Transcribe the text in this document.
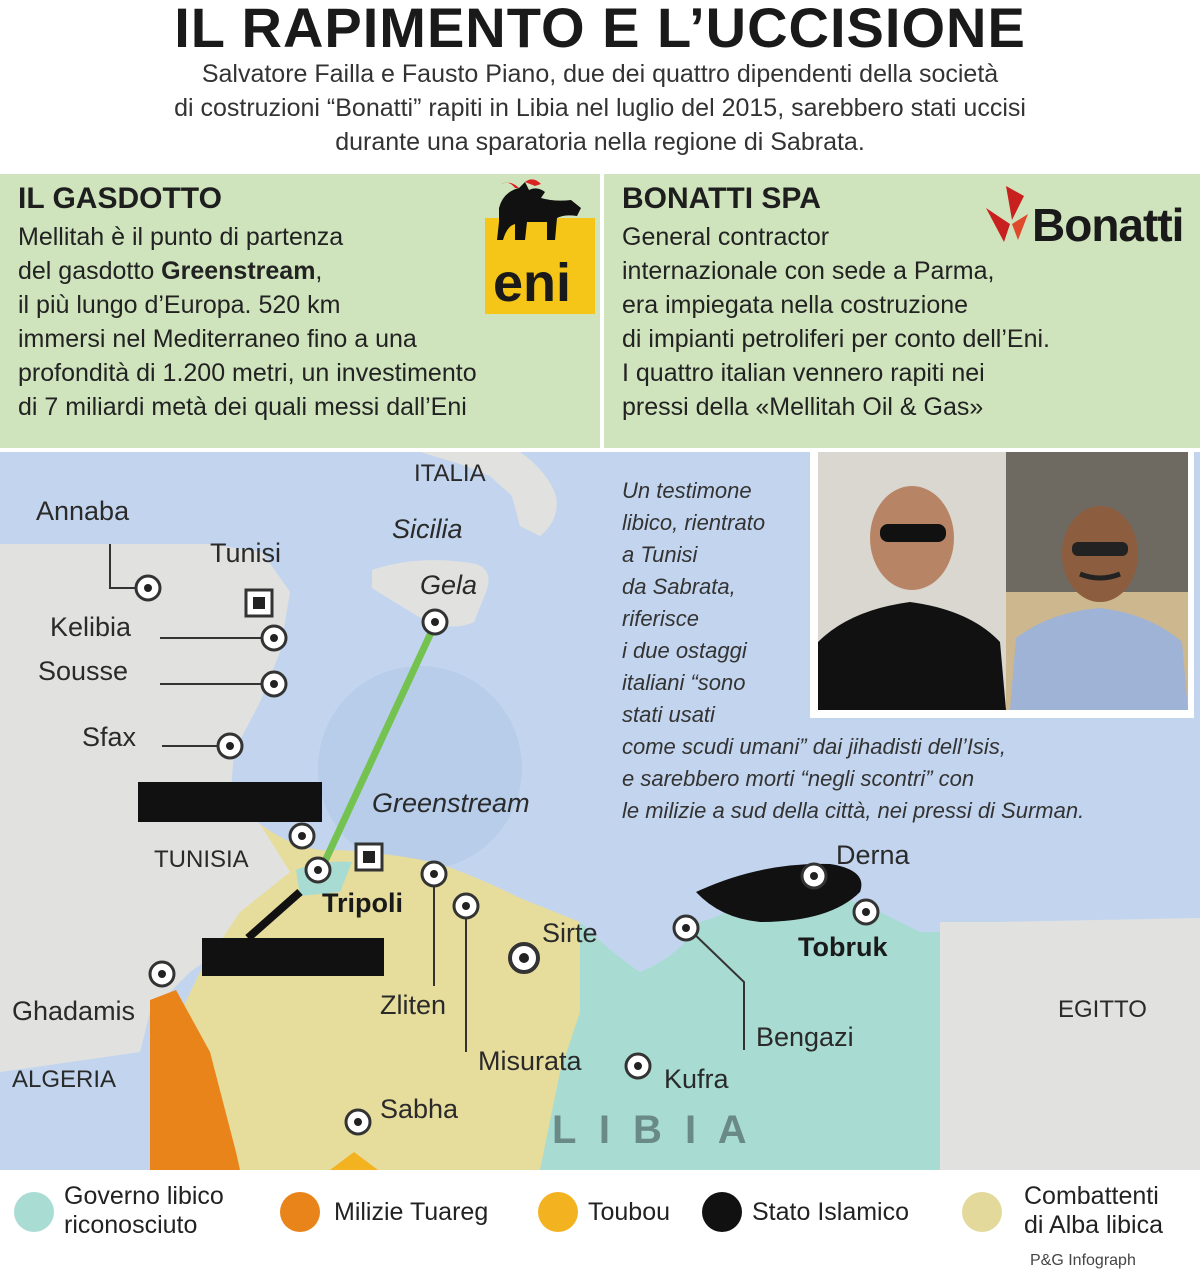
IL RAPIMENTO E L’UCCISIONE
Salvatore Failla e Fausto Piano, due dei quattro dipendenti della società
di costruzioni “Bonatti” rapiti in Libia nel luglio del 2015, sarebbero stati uccisi
durante una sparatoria nella regione di Sabrata.
IL GASDOTTO
Mellitah è il punto di partenza
del gasdotto Greenstream,
il più lungo d’Europa. 520 km
immersi nel Mediterraneo fino a una
profondità di 1.200 metri, un investimento
di 7 miliardi metà dei quali messi dall’Eni
eni
BONATTI SPA
General contractor
internazionale con sede a Parma,
era impiegata nella costruzione
di impianti petroliferi per conto dell’Eni.
I quattro italian vennero rapiti nei
pressi della «Mellitah Oil & Gas»
Bonatti
ITALIA
Sicilia
Gela
Annaba
Tunisi
Kelibia
Sousse
Sfax
Greenstream
TUNISIA
Tripoli
Sirte
Derna
Tobruk
Ghadamis	Zliten
Misurata
Bengazi
Kufra
EGITTO
ALGERIA
Sabha L I B I A
Un testimone
libico, rientrato
a Tunisi
da Sabrata,
riferisce
i due ostaggi
italiani “sono
stati usati
come scudi umani” dai jihadisti dell’Isis,
e sarebbero morti “negli scontri” con
le milizie a sud della città, nei pressi di Surman.
Governo libico
riconosciuto	Milizie Tuareg	Toubou	Stato Islamico
Combattenti
di Alba libica
P&G Infograph
